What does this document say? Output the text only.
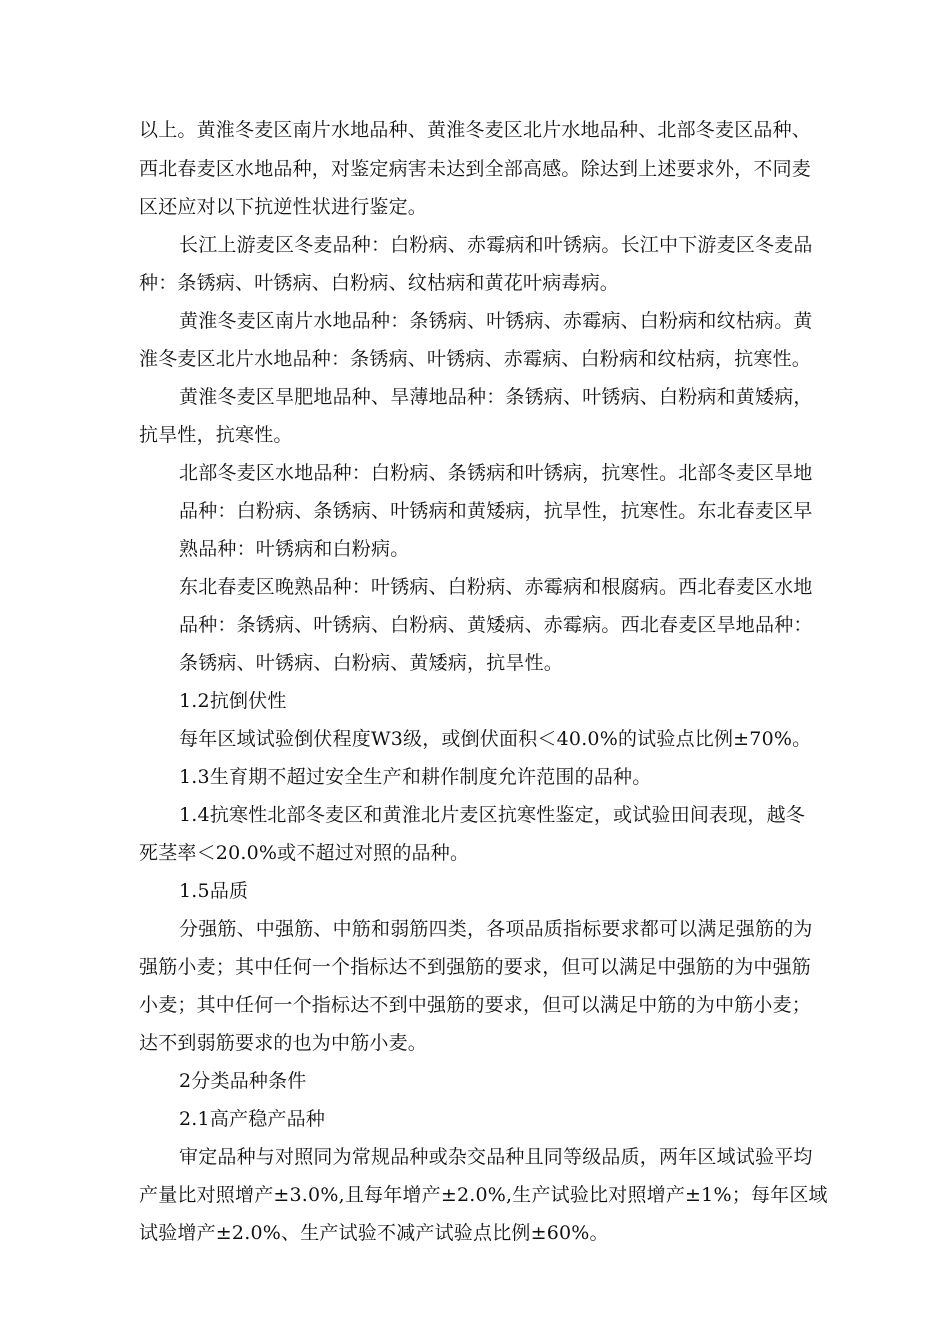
以上。黄淮冬麦区南片水地品种、黄淮冬麦区北片水地品种、北部冬麦区品种、
西北春麦区水地品种，对鉴定病害未达到全部高感。除达到上述要求外，不同麦
区还应对以下抗逆性状进行鉴定。
长江上游麦区冬麦品种：白粉病、赤霉病和叶锈病。长江中下游麦区冬麦品
种：条锈病、叶锈病、白粉病、纹枯病和黄花叶病毒病。
黄淮冬麦区南片水地品种：条锈病、叶锈病、赤霉病、白粉病和纹枯病。黄
淮冬麦区北片水地品种：条锈病、叶锈病、赤霉病、白粉病和纹枯病，抗寒性。
黄淮冬麦区旱肥地品种、旱薄地品种：条锈病、叶锈病、白粉病和黄矮病，
抗旱性，抗寒性。
北部冬麦区水地品种：白粉病、条锈病和叶锈病，抗寒性。北部冬麦区旱地
品种：白粉病、条锈病、叶锈病和黄矮病，抗旱性，抗寒性。东北春麦区早
熟品种：叶锈病和白粉病。
东北春麦区晚熟品种：叶锈病、白粉病、赤霉病和根腐病。西北春麦区水地
品种：条锈病、叶锈病、白粉病、黄矮病、赤霉病。西北春麦区旱地品种：
条锈病、叶锈病、白粉病、黄矮病，抗旱性。
1.2抗倒伏性
每年区域试验倒伏程度W3级，或倒伏面积＜40.0%的试验点比例±70%。
1.3生育期不超过安全生产和耕作制度允许范围的品种。
1.4抗寒性北部冬麦区和黄淮北片麦区抗寒性鉴定，或试验田间表现，越冬
死茎率＜20.0%或不超过对照的品种。
1.5品质
分强筋、中强筋、中筋和弱筋四类，各项品质指标要求都可以满足强筋的为
强筋小麦；其中任何一个指标达不到强筋的要求，但可以满足中强筋的为中强筋
小麦；其中任何一个指标达不到中强筋的要求，但可以满足中筋的为中筋小麦；
达不到弱筋要求的也为中筋小麦。
2分类品种条件
2.1高产稳产品种
审定品种与对照同为常规品种或杂交品种且同等级品质，两年区域试验平均
产量比对照增产±3.0%,且每年增产±2.0%,生产试验比对照增产±1%；每年区域
试验增产±2.0%、生产试验不减产试验点比例±60%。
